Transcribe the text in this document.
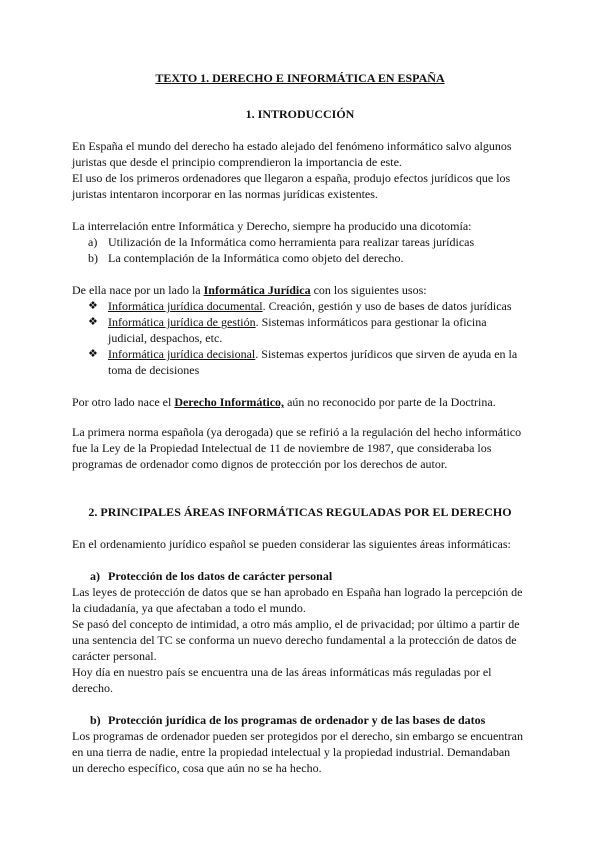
TEXTO 1. DERECHO E INFORMÁTICA EN ESPAÑA
1. INTRODUCCIÓN
En España el mundo del derecho ha estado alejado del fenómeno informático salvo algunos
juristas que desde el principio comprendieron la importancia de este.
El uso de los primeros ordenadores que llegaron a españa, produjo efectos jurídicos que los
juristas intentaron incorporar en las normas jurídicas existentes.
La interrelación entre Informática y Derecho, siempre ha producido una dicotomía:
a) Utilización de la Informática como herramienta para realizar tareas jurídicas
b) La contemplación de la Informática como objeto del derecho.
De ella nace por un lado la Informática Jurídica con los siguientes usos:
❖ Informática jurídica documental. Creación, gestión y uso de bases de datos jurídicas
❖ Informática jurídica de gestión. Sistemas informáticos para gestionar la oficina
judicial, despachos, etc.
❖ Informática jurídica decisional. Sistemas expertos jurídicos que sirven de ayuda en la
toma de decisiones
Por otro lado nace el Derecho Informático, aún no reconocido por parte de la Doctrina.
La primera norma española (ya derogada) que se refirió a la regulación del hecho informático
fue la Ley de la Propiedad Intelectual de 11 de noviembre de 1987, que consideraba los
programas de ordenador como dignos de protección por los derechos de autor.
2. PRINCIPALES ÁREAS INFORMÁTICAS REGULADAS POR EL DERECHO
En el ordenamiento jurídico español se pueden considerar las siguientes áreas informáticas:
a) Protección de los datos de carácter personal
Las leyes de protección de datos que se han aprobado en España han logrado la percepción de
la ciudadanía, ya que afectaban a todo el mundo.
Se pasó del concepto de intimidad, a otro más amplio, el de privacidad; por último a partir de
una sentencia del TC se conforma un nuevo derecho fundamental a la protección de datos de
carácter personal.
Hoy día en nuestro país se encuentra una de las áreas informáticas más reguladas por el
derecho.
b) Protección jurídica de los programas de ordenador y de las bases de datos
Los programas de ordenador pueden ser protegidos por el derecho, sin embargo se encuentran
en una tierra de nadie, entre la propiedad intelectual y la propiedad industrial. Demandaban
un derecho específico, cosa que aún no se ha hecho.
